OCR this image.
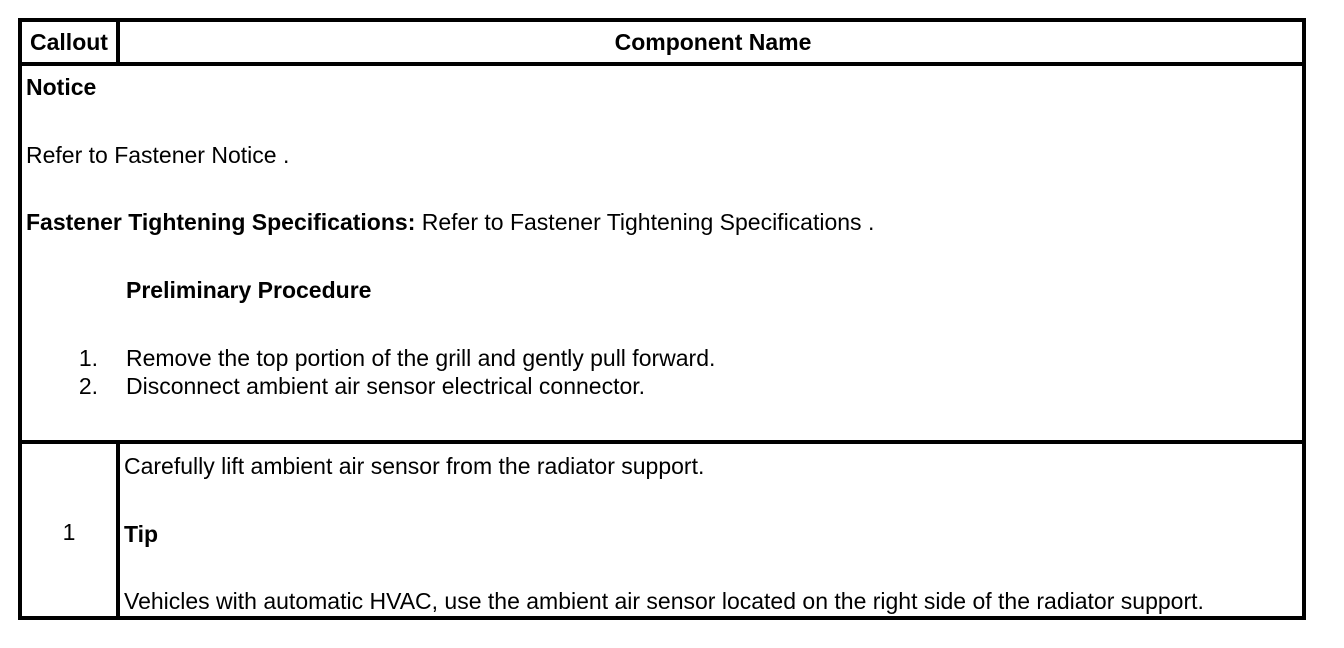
Callout	Component Name
Notice
Refer to Fastener Notice .
Fastener Tightening Specifications: Refer to Fastener Tightening Specifications .
Preliminary Procedure
1. Remove the top portion of the grill and gently pull forward.
2. Disconnect ambient air sensor electrical connector.
1
Carefully lift ambient air sensor from the radiator support.
Tip
Vehicles with automatic HVAC, use the ambient air sensor located on the right side of the radiator support.
